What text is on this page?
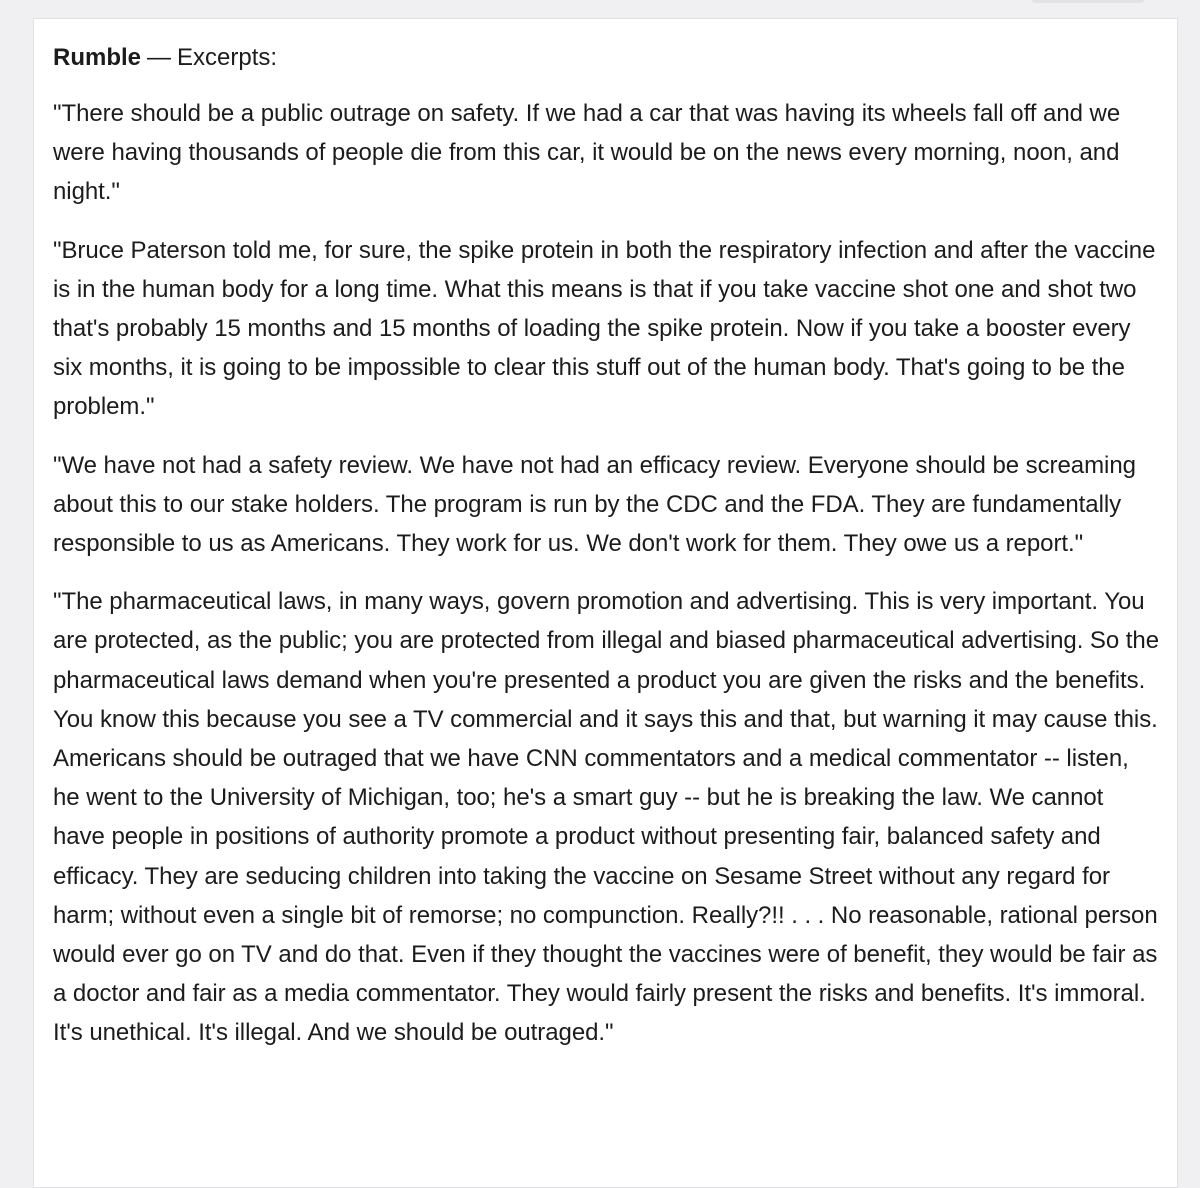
Rumble — Excerpts:

"There should be a public outrage on safety. If we had a car that was having its wheels fall off and we were having thousands of people die from this car, it would be on the news every morning, noon, and night."

"Bruce Paterson told me, for sure, the spike protein in both the respiratory infection and after the vaccine is in the human body for a long time. What this means is that if you take vaccine shot one and shot two that's probably 15 months and 15 months of loading the spike protein. Now if you take a booster every six months, it is going to be impossible to clear this stuff out of the human body. That's going to be the problem."

"We have not had a safety review. We have not had an efficacy review. Everyone should be screaming about this to our stake holders. The program is run by the CDC and the FDA. They are fundamentally responsible to us as Americans. They work for us. We don't work for them. They owe us a report."

"The pharmaceutical laws, in many ways, govern promotion and advertising. This is very important. You are protected, as the public; you are protected from illegal and biased pharmaceutical advertising. So the pharmaceutical laws demand when you're presented a product you are given the risks and the benefits. You know this because you see a TV commercial and it says this and that, but warning it may cause this. Americans should be outraged that we have CNN commentators and a medical commentator -- listen, he went to the University of Michigan, too; he's a smart guy -- but he is breaking the law. We cannot have people in positions of authority promote a product without presenting fair, balanced safety and efficacy. They are seducing children into taking the vaccine on Sesame Street without any regard for harm; without even a single bit of remorse; no compunction. Really?!! . . . No reasonable, rational person would ever go on TV and do that. Even if they thought the vaccines were of benefit, they would be fair as a doctor and fair as a media commentator. They would fairly present the risks and benefits. It's immoral. It's unethical. It's illegal. And we should be outraged."
